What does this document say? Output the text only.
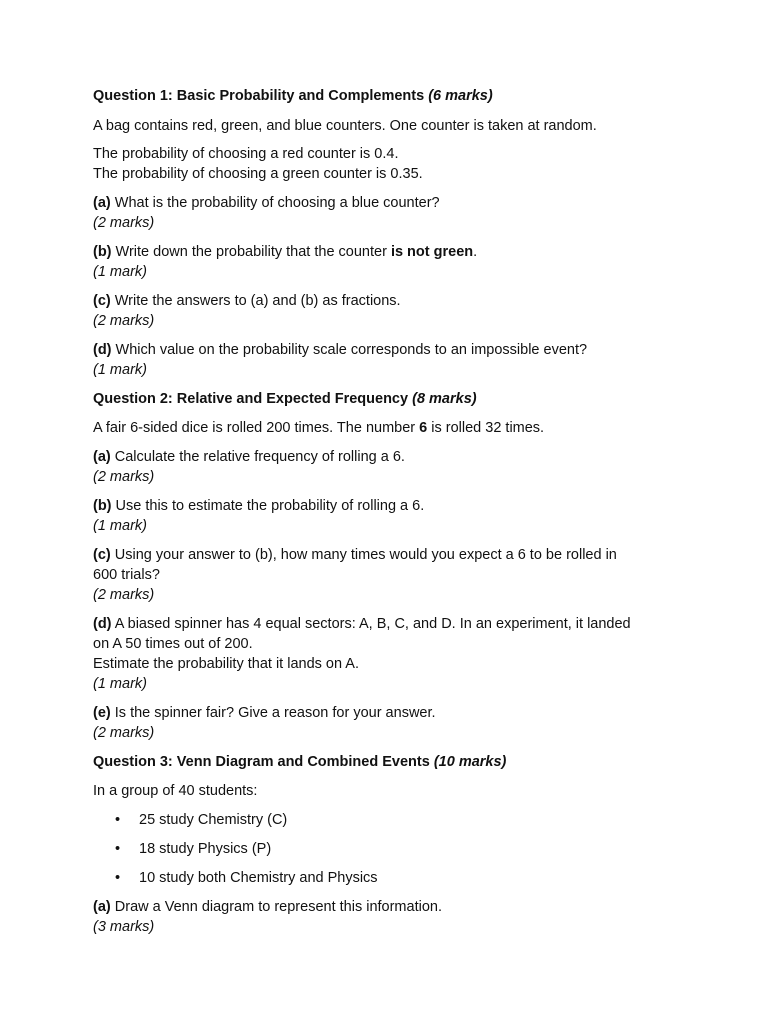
Question 1: Basic Probability and Complements (6 marks)

A bag contains red, green, and blue counters. One counter is taken at random.

The probability of choosing a red counter is 0.4.
The probability of choosing a green counter is 0.35.

(a) What is the probability of choosing a blue counter?
(2 marks)

(b) Write down the probability that the counter is not green.
(1 mark)

(c) Write the answers to (a) and (b) as fractions.
(2 marks)

(d) Which value on the probability scale corresponds to an impossible event?
(1 mark)

Question 2: Relative and Expected Frequency (8 marks)

A fair 6-sided dice is rolled 200 times. The number 6 is rolled 32 times.

(a) Calculate the relative frequency of rolling a 6.
(2 marks)

(b) Use this to estimate the probability of rolling a 6.
(1 mark)

(c) Using your answer to (b), how many times would you expect a 6 to be rolled in
600 trials?
(2 marks)

(d) A biased spinner has 4 equal sectors: A, B, C, and D. In an experiment, it landed
on A 50 times out of 200.
Estimate the probability that it lands on A.
(1 mark)

(e) Is the spinner fair? Give a reason for your answer.
(2 marks)

Question 3: Venn Diagram and Combined Events (10 marks)

In a group of 40 students:

• 25 study Chemistry (C)
• 18 study Physics (P)
• 10 study both Chemistry and Physics

(a) Draw a Venn diagram to represent this information.
(3 marks)
